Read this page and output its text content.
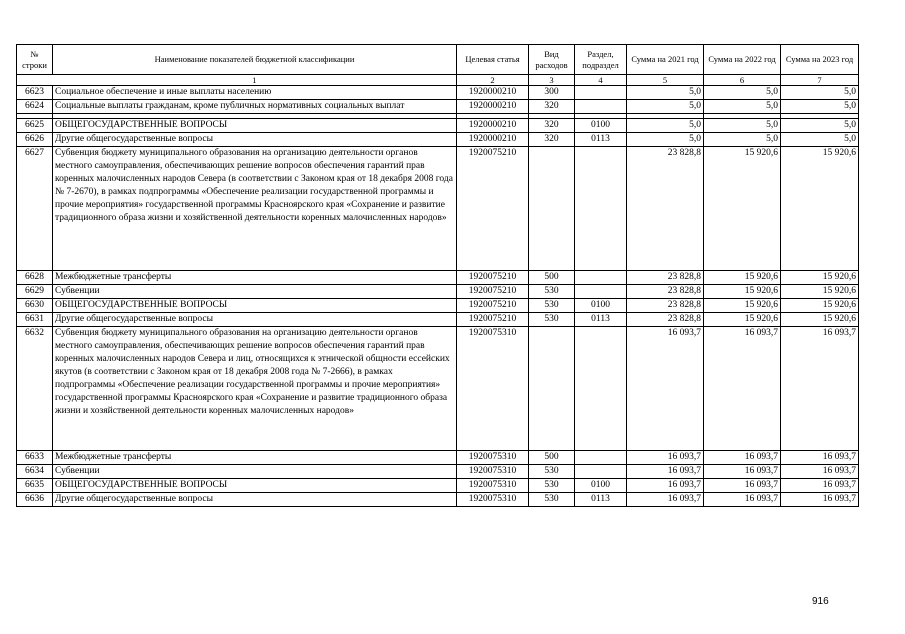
№ строки	Наименование показателей бюджетной классификации	Целевая статья	Вид расходов	Раздел, подраздел	Сумма на 2021 год	Сумма на 2022 год	Сумма на 2023 год
	1	2	3	4	5	6	7
6623	Социальное обеспечение и иные выплаты населению	1920000210	300		5,0	5,0	5,0
6624	Социальные выплаты гражданам, кроме публичных нормативных социальных выплат	1920000210	320		5,0	5,0	5,0

6625	ОБЩЕГОСУДАРСТВЕННЫЕ ВОПРОСЫ	1920000210	320	0100	5,0	5,0	5,0
6626	Другие общегосударственные вопросы	1920000210	320	0113	5,0	5,0	5,0
6627	Субвенция бюджету муниципального образования на организацию деятельности органов местного самоуправления, обеспечивающих решение вопросов обеспечения гарантий прав коренных малочисленных народов Севера (в соответствии с Законом края от 18 декабря 2008 года № 7-2670), в рамках подпрограммы «Обеспечение реализации государственной программы и прочие мероприятия» государственной программы Красноярского края «Сохранение и развитие традиционного образа жизни и хозяйственной деятельности коренных малочисленных народов»	1920075210			23 828,8	15 920,6	15 920,6
6628	Межбюджетные трансферты	1920075210	500		23 828,8	15 920,6	15 920,6
6629	Субвенции	1920075210	530		23 828,8	15 920,6	15 920,6
6630	ОБЩЕГОСУДАРСТВЕННЫЕ ВОПРОСЫ	1920075210	530	0100	23 828,8	15 920,6	15 920,6
6631	Другие общегосударственные вопросы	1920075210	530	0113	23 828,8	15 920,6	15 920,6
6632	Субвенция бюджету муниципального образования на организацию деятельности органов местного самоуправления, обеспечивающих решение вопросов обеспечения гарантий прав коренных малочисленных народов Севера и лиц, относящихся к этнической общности ессейских якутов (в соответствии с Законом края от 18 декабря 2008 года № 7-2666), в рамках подпрограммы «Обеспечение реализации государственной программы и прочие мероприятия» государственной программы Красноярского края «Сохранение и развитие традиционного образа жизни и хозяйственной деятельности коренных малочисленных народов»	1920075310			16 093,7	16 093,7	16 093,7
6633	Межбюджетные трансферты	1920075310	500		16 093,7	16 093,7	16 093,7
6634	Субвенции	1920075310	530		16 093,7	16 093,7	16 093,7
6635	ОБЩЕГОСУДАРСТВЕННЫЕ ВОПРОСЫ	1920075310	530	0100	16 093,7	16 093,7	16 093,7
6636	Другие общегосударственные вопросы	1920075310	530	0113	16 093,7	16 093,7	16 093,7
916
